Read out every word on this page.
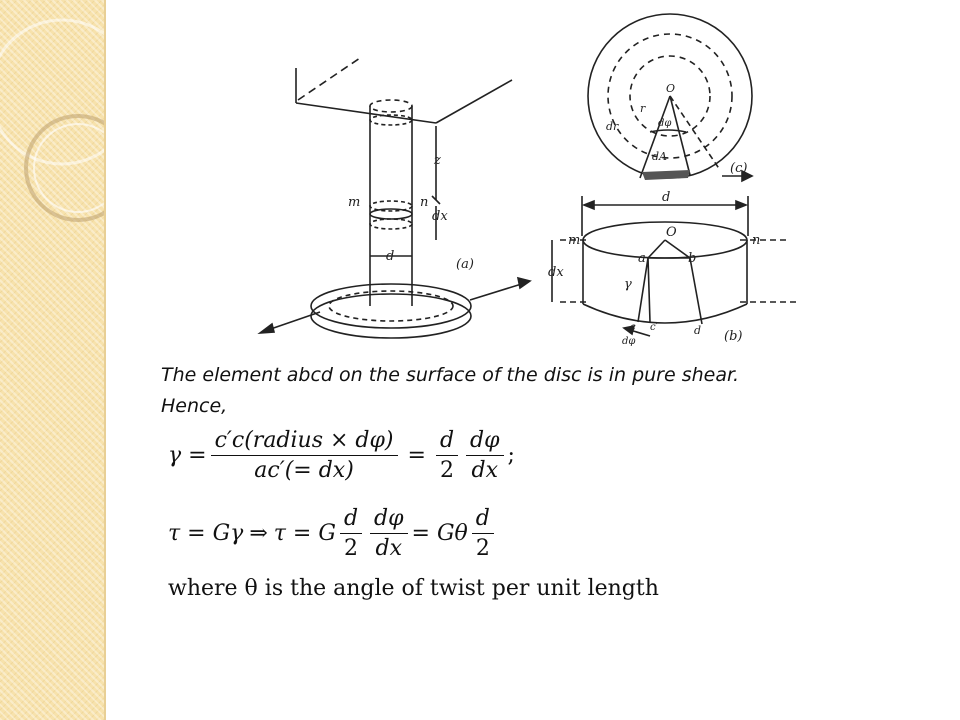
z
m	n
dx
d
(a)
O
r
dr	dφ
dA
(c)
d
m
O
n
dx
a	b
γ
c c′	d
dφ	(b)
The element abcd on the surface of the disc is in pure shear.
Hence,
$\gamma = \frac{\text{c′c(radius × dφ)}}{ac'(= dx)} = \frac{d}{2} \frac{d\varphi}{dx}$ ;
τ = Gγ ⇒ τ = G $\frac{d}{2} \frac{d\varphi}{dx} = G\theta \frac{d}{2}$
where θ is the angle of twist per unit length
